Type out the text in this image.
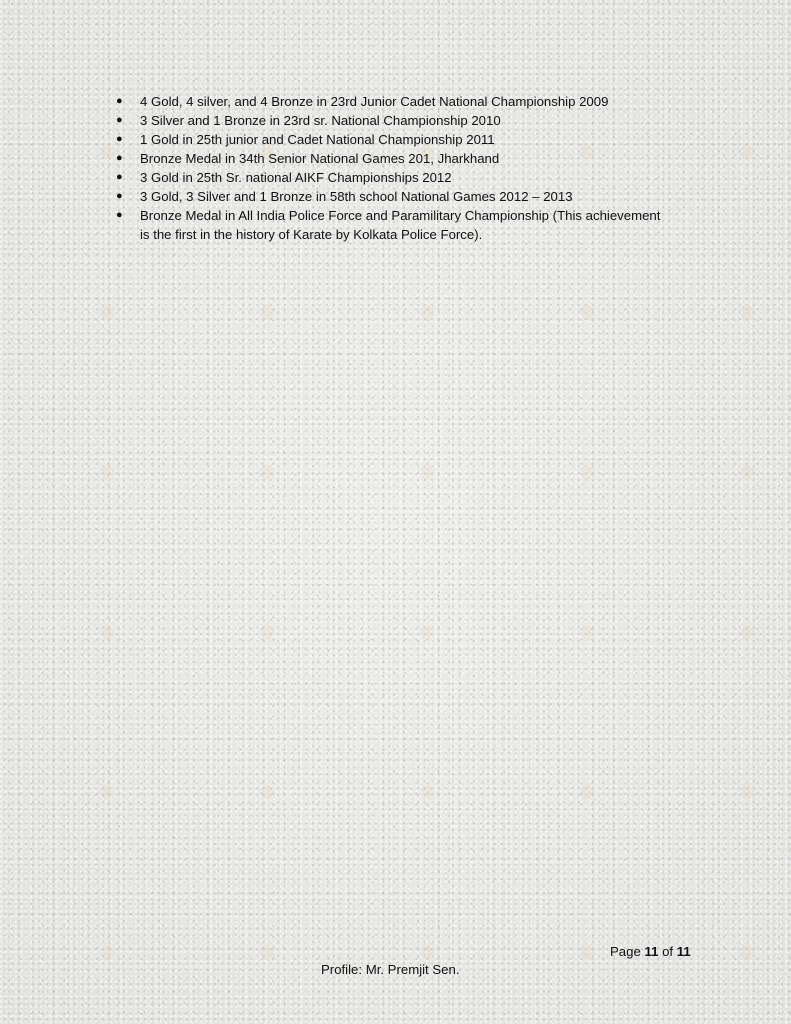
● 4 Gold, 4 silver, and 4 Bronze in 23rd Junior Cadet National Championship 2009
● 3 Silver and 1 Bronze in 23rd sr. National Championship 2010
● 1 Gold in 25th junior and Cadet National Championship 2011
● Bronze Medal in 34th Senior National Games 201, Jharkhand
● 3 Gold in 25th Sr. national AIKF Championships 2012
● 3 Gold, 3 Silver and 1 Bronze in 58th school National Games 2012 – 2013
● Bronze Medal in All India Police Force and Paramilitary Championship (This achievement is the first in the history of Karate by Kolkata Police Force).
Page 11 of 11
Profile: Mr. Premjit Sen.
